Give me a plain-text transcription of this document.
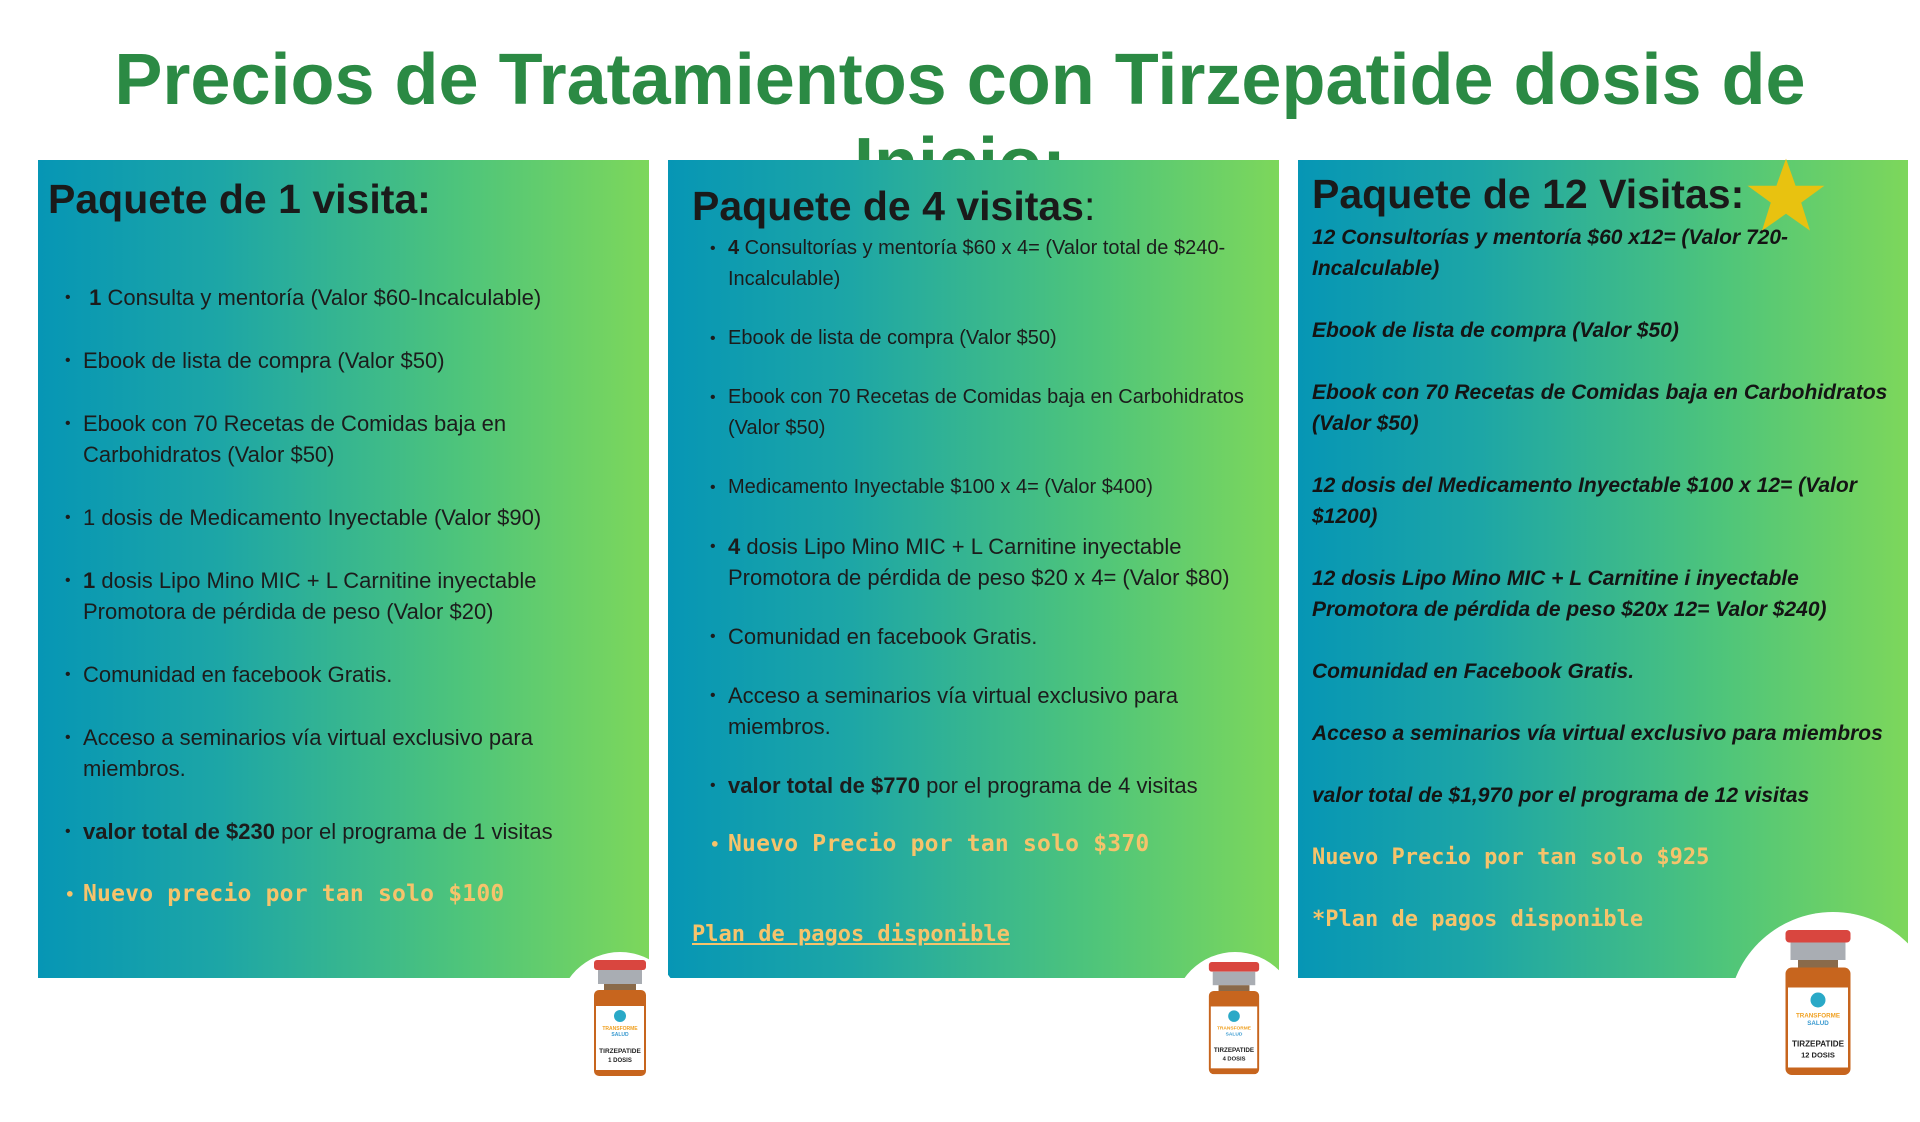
Precios de Tratamientos con Tirzepatide dosis de
Paquete de 1 visita:
• 1 Consulta y mentoría (Valor $60-Incalculable)
• Ebook de lista de compra (Valor $50)
• Ebook con 70 Recetas de Comidas baja en Carbohidratos (Valor $50)
• 1 dosis de Medicamento Inyectable (Valor $90)
• 1 dosis Lipo Mino MIC + L Carnitine inyectable Promotora de pérdida de peso (Valor $20)
• Comunidad en facebook Gratis.
• Acceso a seminarios vía virtual exclusivo para miembros.
• valor total de $230 por el programa de 1 visitas
• Nuevo precio por tan solo $100
Paquete de 4 visitas:
• 4 Consultorías y mentoría $60 x 4= (Valor total de $240-Incalculable)
• Ebook de lista de compra (Valor $50)
• Ebook con 70 Recetas de Comidas baja en Carbohidratos (Valor $50)
• Medicamento Inyectable $100 x 4= (Valor $400)
• 4 dosis Lipo Mino MIC + L Carnitine inyectable Promotora de pérdida de peso $20 x 4= (Valor $80)
• Comunidad en facebook Gratis.
• Acceso a seminarios vía virtual exclusivo para miembros.
• valor total de $770 por el programa de 4 visitas
• Nuevo Precio por tan solo $370
Plan de pagos disponible
Paquete de 12 Visitas:

12 Consultorías y mentoría $60 x12= (Valor 720-Incalculable)

Ebook de lista de compra (Valor $50)

Ebook con 70 Recetas de Comidas baja en Carbohidratos (Valor $50)

12 dosis del Medicamento Inyectable $100 x 12= (Valor $1200)

12 dosis Lipo Mino MIC + L Carnitine i inyectable Promotora de pérdida de peso $20x 12= Valor $240)

Comunidad en Facebook Gratis.

Acceso a seminarios vía virtual exclusivo para miembros

valor total de $1,970 por el programa de 12 visitas

Nuevo Precio por tan solo $925

*Plan de pagos disponible

TRANSFORME
SALUD
TIRZEPATIDE
1 DOSIS
TRANSFORME
SALUD
TIRZEPATIDE
4 DOSIS
TRANSFORME
SALUD
TIRZEPATIDE
12 DOSIS
